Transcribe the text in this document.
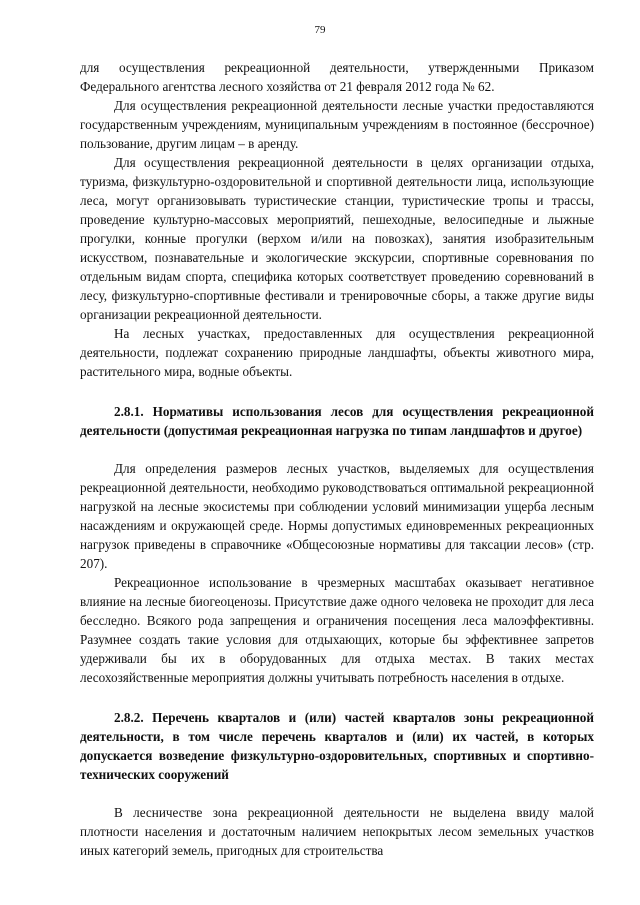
79

для осуществления рекреационной деятельности, утвержденными Приказом Федерального агентства лесного хозяйства от 21 февраля 2012 года № 62.

Для осуществления рекреационной деятельности лесные участки предоставляются государственным учреждениям, муниципальным учреждениям в постоянное (бессрочное) пользование, другим лицам – в аренду.

Для осуществления рекреационной деятельности в целях организации отдыха, туризма, физкультурно-оздоровительной и спортивной деятельности лица, использующие леса, могут организовывать туристические станции, туристические тропы и трассы, проведение культурно-массовых мероприятий, пешеходные, велосипедные и лыжные прогулки, конные прогулки (верхом и/или на повозках), занятия изобразительным искусством, познавательные и экологические экскурсии, спортивные соревнования по отдельным видам спорта, специфика которых соответствует проведению соревнований в лесу, физкультурно-спортивные фестивали и тренировочные сборы, а также другие виды организации рекреационной деятельности.

На лесных участках, предоставленных для осуществления рекреационной деятельности, подлежат сохранению природные ландшафты, объекты животного мира, растительного мира, водные объекты.

2.8.1. Нормативы использования лесов для осуществления рекреационной деятельности (допустимая рекреационная нагрузка по типам ландшафтов и другое)

Для определения размеров лесных участков, выделяемых для осуществления рекреационной деятельности, необходимо руководствоваться оптимальной рекреационной нагрузкой на лесные экосистемы при соблюдении условий минимизации ущерба лесным насаждениям и окружающей среде. Нормы допустимых единовременных рекреационных нагрузок приведены в справочнике «Общесоюзные нормативы для таксации лесов» (стр. 207).

Рекреационное использование в чрезмерных масштабах оказывает негативное влияние на лесные биогеоценозы. Присутствие даже одного человека не проходит для леса бесследно. Всякого рода запрещения и ограничения посещения леса малоэффективны. Разумнее создать такие условия для отдыхающих, которые бы эффективнее запретов удерживали бы их в оборудованных для отдыха местах. В таких местах лесохозяйственные мероприятия должны учитывать потребность населения в отдыхе.

2.8.2. Перечень кварталов и (или) частей кварталов зоны рекреационной деятельности, в том числе перечень кварталов и (или) их частей, в которых допускается возведение физкультурно-оздоровительных, спортивных и спортивно-технических сооружений

В лесничестве зона рекреационной деятельности не выделена ввиду малой плотности населения и достаточным наличием непокрытых лесом земельных участков иных категорий земель, пригодных для строительства
